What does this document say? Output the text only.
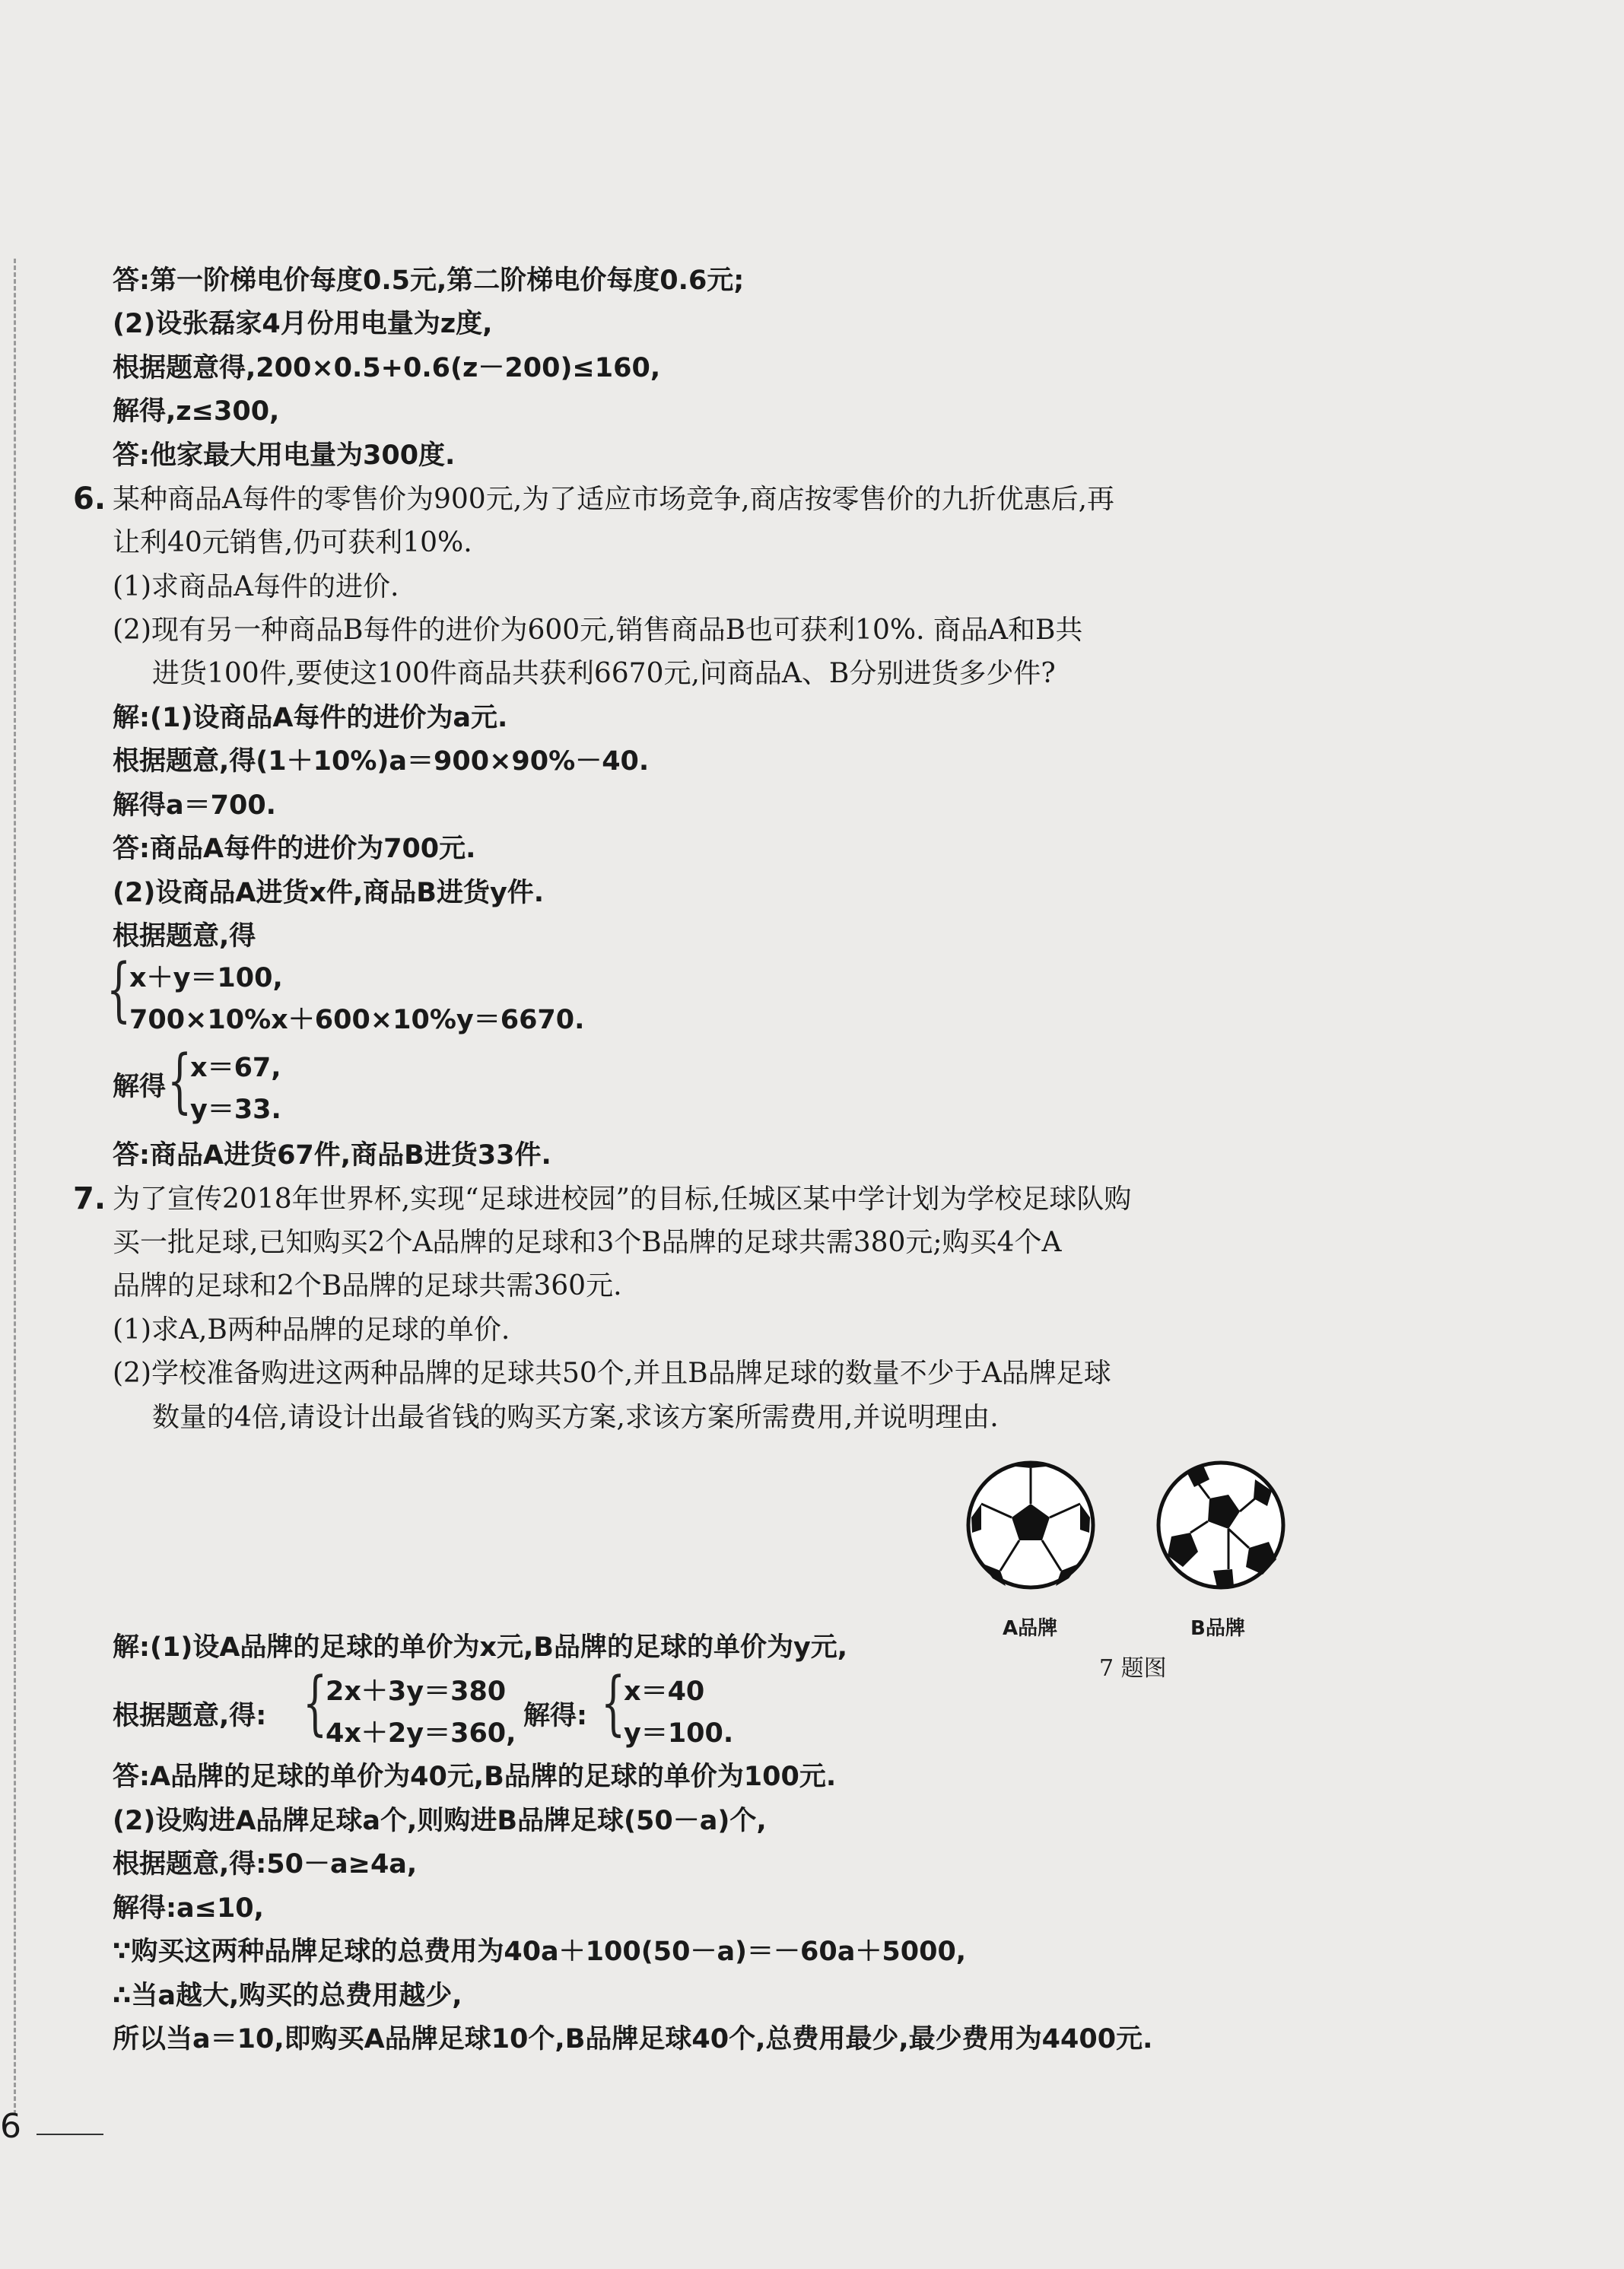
答:第一阶梯电价每度0.5元,第二阶梯电价每度0.6元;
(2)设张磊家4月份用电量为z度,
根据题意得,200×0.5+0.6(z－200)≤160,
解得,z≤300,
答:他家最大用电量为300度.
6. 某种商品A每件的零售价为900元,为了适应市场竞争,商店按零售价的九折优惠后,再
让利40元销售,仍可获利10%.
(1)求商品A每件的进价.
(2)现有另一种商品B每件的进价为600元,销售商品B也可获利10%. 商品A和B共
进货100件,要使这100件商品共获利6670元,问商品A、B分别进货多少件?
解:(1)设商品A每件的进价为a元.
根据题意,得(1＋10%)a＝900×90%－40.
解得a＝700.
答:商品A每件的进价为700元.
(2)设商品A进货x件,商品B进货y件.
根据题意,得
{
x＋y＝100,
700×10%x＋600×10%y＝6670.
解得 {
x＝67,
y＝33.
答:商品A进货67件,商品B进货33件.
7. 为了宣传2018年世界杯,实现“足球进校园”的目标,任城区某中学计划为学校足球队购
买一批足球,已知购买2个A品牌的足球和3个B品牌的足球共需380元;购买4个A
品牌的足球和2个B品牌的足球共需360元.
(1)求A,B两种品牌的足球的单价.
(2)学校准备购进这两种品牌的足球共50个,并且B品牌足球的数量不少于A品牌足球
数量的4倍,请设计出最省钱的购买方案,求该方案所需费用,并说明理由.
A品牌	B品牌
7 题图
解:(1)设A品牌的足球的单价为x元,B品牌的足球的单价为y元,
根据题意,得: {
2x＋3y＝380
4x＋2y＝360,
解得: {
x＝40
y＝100.
答:A品牌的足球的单价为40元,B品牌的足球的单价为100元.
(2)设购进A品牌足球a个,则购进B品牌足球(50－a)个,
根据题意,得:50－a≥4a,
解得:a≤10,
∵购买这两种品牌足球的总费用为40a＋100(50－a)＝－60a＋5000,
∴当a越大,购买的总费用越少,
所以当a＝10,即购买A品牌足球10个,B品牌足球40个,总费用最少,最少费用为4400元.
6
